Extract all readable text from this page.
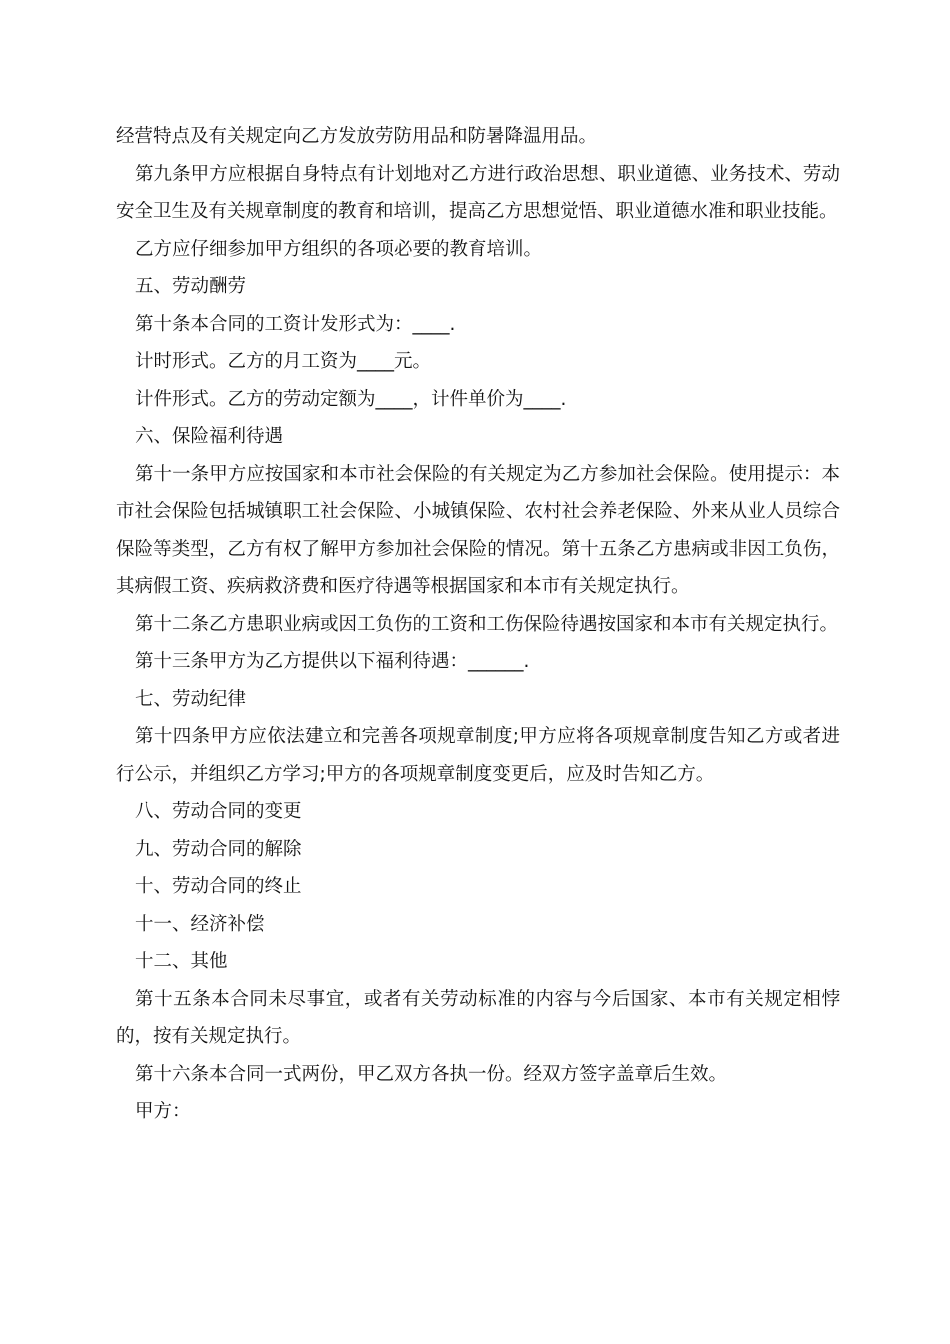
经营特点及有关规定向乙方发放劳防用品和防暑降温用品。

第九条甲方应根据自身特点有计划地对乙方进行政治思想、职业道德、业务技术、劳动安全卫生及有关规章制度的教育和培训，提高乙方思想觉悟、职业道德水准和职业技能。

乙方应仔细参加甲方组织的各项必要的教育培训。

五、劳动酬劳

第十条本合同的工资计发形式为：____.

计时形式。乙方的月工资为____元。

计件形式。乙方的劳动定额为____，计件单价为____.

六、保险福利待遇

第十一条甲方应按国家和本市社会保险的有关规定为乙方参加社会保险。使用提示：本市社会保险包括城镇职工社会保险、小城镇保险、农村社会养老保险、外来从业人员综合保险等类型，乙方有权了解甲方参加社会保险的情况。第十五条乙方患病或非因工负伤，其病假工资、疾病救济费和医疗待遇等根据国家和本市有关规定执行。

第十二条乙方患职业病或因工负伤的工资和工伤保险待遇按国家和本市有关规定执行。

第十三条甲方为乙方提供以下福利待遇：______.

七、劳动纪律

第十四条甲方应依法建立和完善各项规章制度;甲方应将各项规章制度告知乙方或者进行公示，并组织乙方学习;甲方的各项规章制度变更后，应及时告知乙方。

八、劳动合同的变更

九、劳动合同的解除

十、劳动合同的终止

十一、经济补偿

十二、其他

第十五条本合同未尽事宜，或者有关劳动标准的内容与今后国家、本市有关规定相悖的，按有关规定执行。

第十六条本合同一式两份，甲乙双方各执一份。经双方签字盖章后生效。

甲方：
